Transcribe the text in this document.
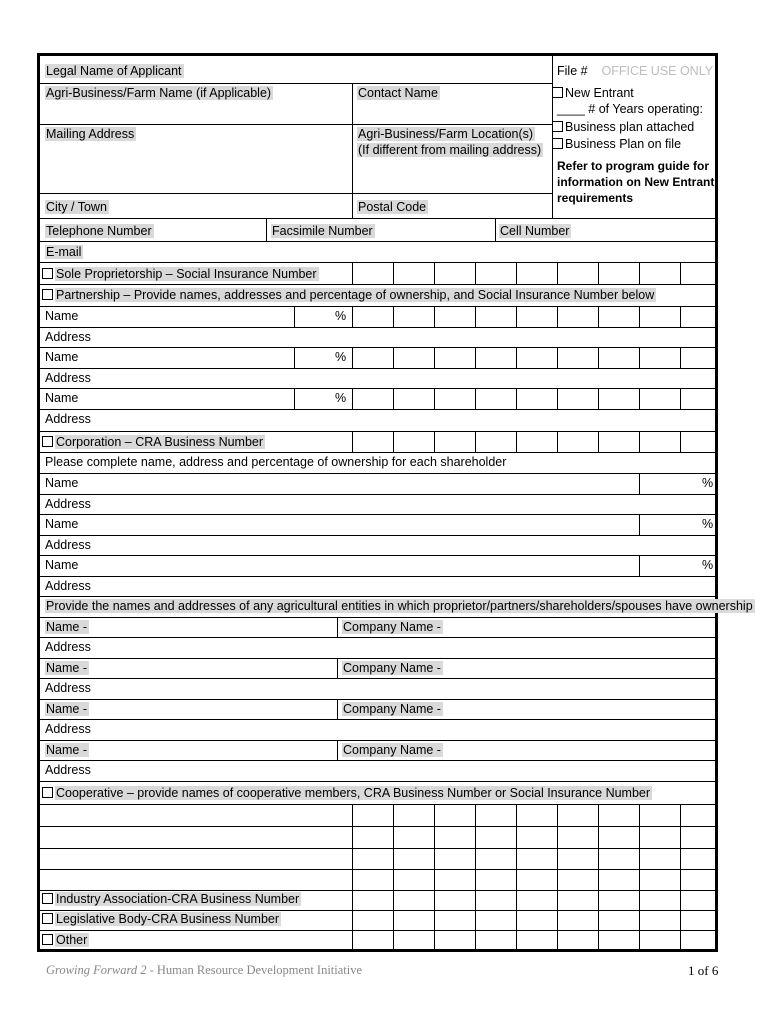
Legal Name of Applicant	File # OFFICE USE ONLY
Agri-Business/Farm Name (if Applicable)	Contact Name
Mailing Address	Agri-Business/Farm Location(s)
(If different from mailing address)
City / Town	Postal Code
Telephone Number	Facsimile Number	Cell Number
E-mail
New Entrant
____ # of Years operating:
Business plan attached
Business Plan on file
Refer to program guide for
information on New Entrant
requirements
Sole Proprietorship – Social Insurance Number
Partnership – Provide names, addresses and percentage of ownership, and Social Insurance Number below
Name	%
Address
Name	%
Address
Name	%
Address
Corporation – CRA Business Number
Please complete name, address and percentage of ownership for each shareholder
Name	%
Address
Name	%
Address
Name	%
Address
Provide the names and addresses of any agricultural entities in which proprietor/partners/shareholders/spouses have ownership
Name -	Company Name -
Address
Name -	Company Name -
Address
Name -	Company Name -
Address
Name -	Company Name -
Address
Cooperative – provide names of cooperative members, CRA Business Number or Social Insurance Number
Industry Association-CRA Business Number
Legislative Body-CRA Business Number
Other
Growing Forward 2 - Human Resource Development Initiative	1 of 6
